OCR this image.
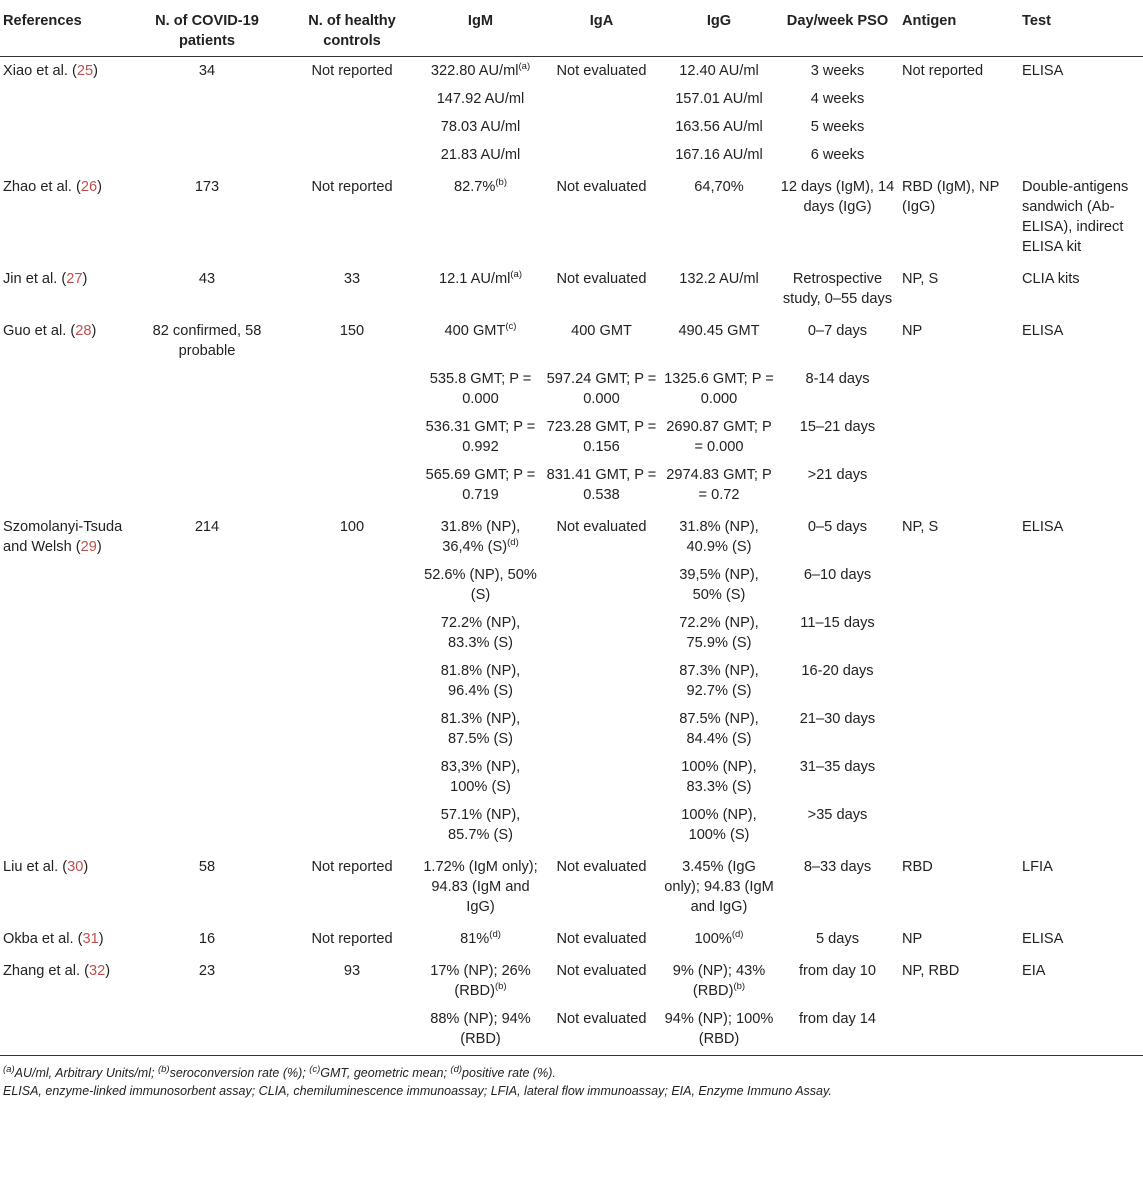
References	N. of COVID-19 patients	N. of healthy controls	IgM	IgA	IgG	Day/week PSO	Antigen	Test
Xiao et al. (25)	34	Not reported	322.80 $AU/ml^{(a)}$	Not evaluated	12.40 AU/ml	3 weeks	Not reported	ELISA
			147.92 AU/ml		157.01 AU/ml	4 weeks		
			78.03 AU/ml		163.56 AU/ml	5 weeks		
			21.83 AU/ml		167.16 AU/ml	6 weeks		
Zhao et al. (26)	173	Not reported	82.7%$^{(b)}$	Not evaluated	64,70%	12 days (IgM), 14 days (IgG)	RBD (IgM), NP (IgG)	Double-antigens sandwich (Ab-ELISA), indirect ELISA kit
Jin et al. (27)	43	33	12.1 $AU/ml^{(a)}$	Not evaluated	132.2 AU/ml	Retrospective study, 0–55 days	NP, S	CLIA kits
Guo et al. (28)	82 confirmed, 58 probable	150	400 GMT$^{(c)}$	400 GMT	490.45 GMT	0–7 days	NP	ELISA
			535.8 GMT; P = 0.000	597.24 GMT; P = 0.000	1325.6 GMT; P = 0.000	8-14 days		
			536.31 GMT; P = 0.992	723.28 GMT, P = 0.156	2690.87 GMT; P = 0.000	15–21 days		
			565.69 GMT; P = 0.719	831.41 GMT, P = 0.538	2974.83 GMT; P = 0.72	>21 days		
Szomolanyi-Tsuda and Welsh (29)	214	100	31.8% (NP), 36,4% $(S)^{(d)}$	Not evaluated	31.8% (NP), 40.9% (S)	0–5 days	NP, S	ELISA
			52.6% (NP), 50% (S)		39,5% (NP), 50% (S)	6–10 days		
			72.2% (NP), 83.3% (S)		72.2% (NP), 75.9% (S)	11–15 days		
			81.8% (NP), 96.4% (S)		87.3% (NP), 92.7% (S)	16-20 days		
			81.3% (NP), 87.5% (S)		87.5% (NP), 84.4% (S)	21–30 days		
			83,3% (NP), 100% (S)		100% (NP), 83.3% (S)	31–35 days		
			57.1% (NP), 85.7% (S)		100% (NP), 100% (S)	>35 days		
Liu et al. (30)	58	Not reported	1.72% (IgM only); 94.83 (IgM and IgG)	Not evaluated	3.45% (IgG only); 94.83 (IgM and IgG)	8–33 days	RBD	LFIA
Okba et al. (31)	16	Not reported	81%$^{(d)}$	Not evaluated	100%$^{(d)}$	5 days	NP	ELISA
Zhang et al. (32)	23	93	17% (NP); 26% (RBD)$^{(b)}$	Not evaluated	9% (NP); 43% (RBD)$^{(b)}$	from day 10	NP, RBD	EIA
			88% (NP); 94% (RBD)	Not evaluated	94% (NP); 100% (RBD)	from day 14		

$^{(a)}$AU/ml, Arbitrary Units/ml; $^{(b)}$seroconversion rate (%); $^{(c)}$GMT, geometric mean; $^{(d)}$positive rate (%).

ELISA, enzyme-linked immunosorbent assay; CLIA, chemiluminescence immunoassay; LFIA, lateral flow immunoassay; EIA, Enzyme Immuno Assay.
